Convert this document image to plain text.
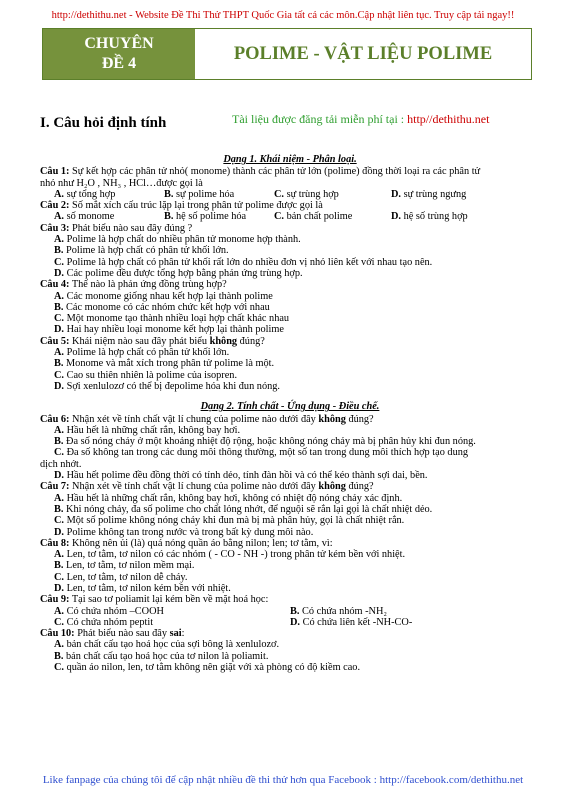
http://dethithu.net - Website Đề Thi Thử THPT Quốc Gia tất cả các môn.Cập nhật liên tục. Truy cập tải ngay!!
CHUYÊN
ĐỀ 4	POLIME - VẬT LIỆU POLIME
I. Câu hỏi định tính	Tài liệu được đăng tải miễn phí tại : http//dethithu.net
Dạng 1. Khái niệm - Phân loại.
Câu 1: Sự kết hợp các phân tử nhỏ( monome) thành các phân tử lớn (polime) đồng thời loại ra các phân tử
nhỏ như H₂O , NH₃ , HCl…được gọi là
A. sự tổng hợp	B. sự polime hóa	C. sự trùng hợp	D. sự trùng ngưng
Câu 2: Số mắt xích cấu trúc lặp lại trong phân tử polime được gọi là
A. số monome	B. hệ số polime hóa	C. bản chất polime	D. hệ số trùng hợp
Câu 3: Phát biểu nào sau đây đúng ?
A. Polime là hợp chất do nhiều phân tử monome hợp thành.
B. Polime là hợp chất có phân tử khối lớn.
C. Polime là hợp chất có phân tử khối rất lớn do nhiều đơn vị nhỏ liên kết với nhau tạo nên.
D. Các polime đều được tổng hợp bằng phản ứng trùng hợp.
Câu 4: Thế nào là phản ứng đồng trùng hợp?
A. Các monome giống nhau kết hợp lại thành polime
B. Các monome có các nhóm chức kết hợp với nhau
C. Một monome tạo thành nhiều loại hợp chất khác nhau
D. Hai hay nhiều loại monome kết hợp lại thành polime
Câu 5: Khái niệm nào sau đây phát biểu không đúng?
A. Polime là hợp chất có phân tử khối lớn.
B. Monome và mắt xích trong phân tử polime là một.
C. Cao su thiên nhiên là polime của isopren.
D. Sợi xenlulozơ có thể bị đepolime hóa khi đun nóng.
Dạng 2. Tính chất - Ứng dụng - Điều chế.
Câu 6: Nhận xét về tính chất vật lí chung của polime nào dưới đây không đúng?
A. Hầu hết là những chất rắn, không bay hơi.
B. Đa số nóng chảy ở một khoảng nhiệt độ rộng, hoặc không nóng chảy mà bị phân hủy khi đun nóng.
C. Đa số không tan trong các dung môi thông thường, một số tan trong dung môi thích hợp tạo dung
dịch nhớt.
D. Hầu hết polime đều đồng thời có tính dẻo, tính đàn hồi và có thể kéo thành sợi dai, bền.
Câu 7: Nhận xét về tính chất vật lí chung của polime nào dưới đây không đúng?
A. Hầu hết là những chất rắn, không bay hơi, không có nhiệt độ nóng chảy xác định.
B. Khi nóng chảy, đa số polime cho chất lỏng nhớt, để nguội sẽ rắn lại gọi là chất nhiệt dẻo.
C. Một số polime không nóng chảy khi đun mà bị mà phân hủy, gọi là chất nhiệt rắn.
D. Polime không tan trong nước và trong bất kỳ dung môi nào.
Câu 8: Không nên ủi (là) quá nóng quần áo bằng nilon; len; tơ tằm, vì:
A. Len, tơ tằm, tơ nilon có các nhóm ( - CO - NH -) trong phân tử kém bền với nhiệt.
B. Len, tơ tằm, tơ nilon mềm mại.
C. Len, tơ tằm, tơ nilon dễ cháy.
D. Len, tơ tằm, tơ nilon kém bền với nhiệt.
Câu 9: Tại sao tơ poliamit lại kém bền về mặt hoá học:
A. Có chứa nhóm –COOH	B. Có chứa nhóm -NH₂
C. Có chứa nhóm peptit	D. Có chứa liên kết -NH-CO-
Câu 10: Phát biểu nào sau đây sai:
A. bản chất cấu tạo hoá học của sợi bông là xenlulozơ.
B. bản chất cấu tạo hoá học của tơ nilon là poliamit.
C. quần áo nilon, len, tơ tằm không nên giặt với xà phòng có độ kiềm cao.
Like fanpage của chúng tôi để cập nhật nhiều đề thi thử hơn qua Facebook : http://facebook.com/dethithu.net
